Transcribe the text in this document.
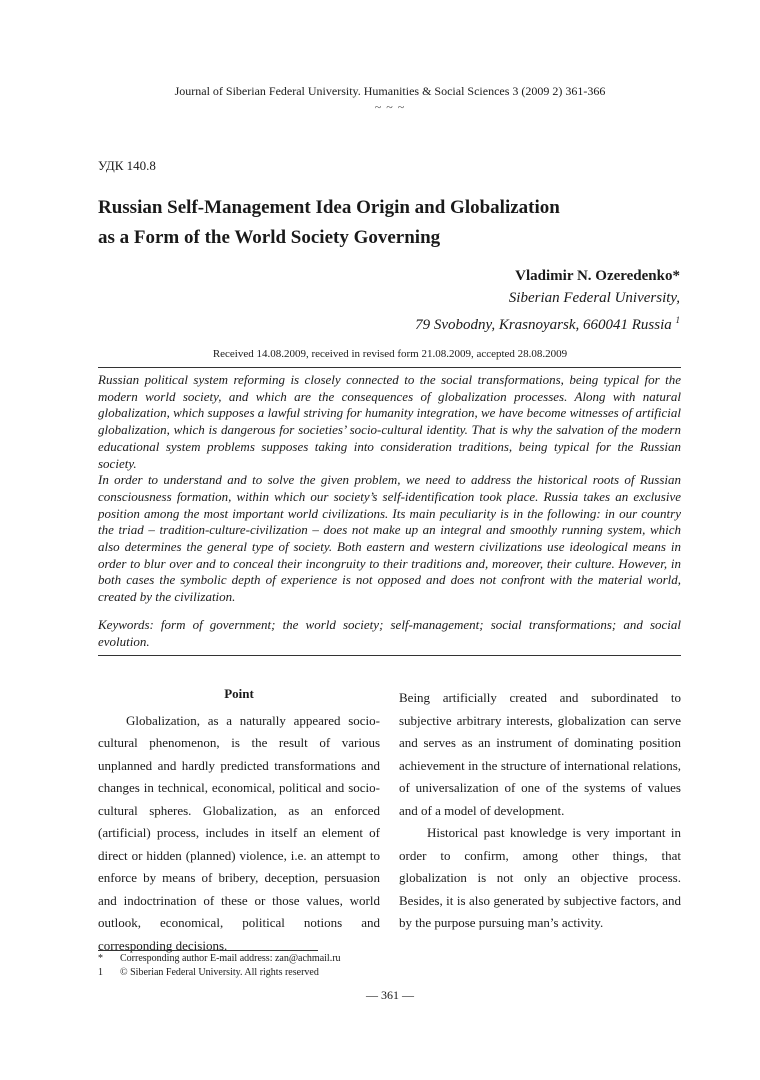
Journal of Siberian Federal University. Humanities & Social Sciences 3 (2009 2) 361-366
~ ~ ~
УДК 140.8
Russian Self-Management Idea Origin and Globalization
as a Form of the World Society Governing
Vladimir N. Ozeredenko*
Siberian Federal University,
79 Svobodny, Krasnoyarsk, 660041 Russia $^1$
Received 14.08.2009, received in revised form 21.08.2009, accepted 28.08.2009

Russian political system reforming is closely connected to the social transformations, being typical for the modern world society, and which are the consequences of globalization processes. Along with natural globalization, which supposes a lawful striving for humanity integration, we have become witnesses of artificial globalization, which is dangerous for societies’ socio-cultural identity. That is why the salvation of the modern educational system problems supposes taking into consideration traditions, being typical for the Russian society.

In order to understand and to solve the given problem, we need to address the historical roots of Russian consciousness formation, within which our society’s self-identification took place. Russia takes an exclusive position among the most important world civilizations. Its main peculiarity is in the following: in our country the triad – tradition-culture-civilization – does not make up an integral and smoothly running system, which also determines the general type of society. Both eastern and western civilizations use ideological means in order to blur over and to conceal their incongruity to their traditions and, moreover, their culture. However, in both cases the symbolic depth of experience is not opposed and does not confront with the material world, created by the civilization.

Keywords: form of government; the world society; self-management; social transformations; and social evolution.

Point

Globalization, as a naturally appeared socio-cultural phenomenon, is the result of various unplanned and hardly predicted transformations and changes in technical, economical, political and socio-cultural spheres. Globalization, as an enforced (artificial) process, includes in itself an element of direct or hidden (planned) violence, i.e. an attempt to enforce by means of bribery, deception, persuasion and indoctrination of these or those values, world outlook, economical, political notions and corresponding decisions.

Being artificially created and subordinated to subjective arbitrary interests, globalization can serve and serves as an instrument of dominating position achievement in the structure of international relations, of universalization of one of the systems of values and of a model of development.

Historical past knowledge is very important in order to confirm, among other things, that globalization is not only an objective process. Besides, it is also generated by subjective factors, and by the purpose pursuing man’s activity.

*	Corresponding author E-mail address: zan@achmail.ru
1	© Siberian Federal University. All rights reserved
— 361 —
